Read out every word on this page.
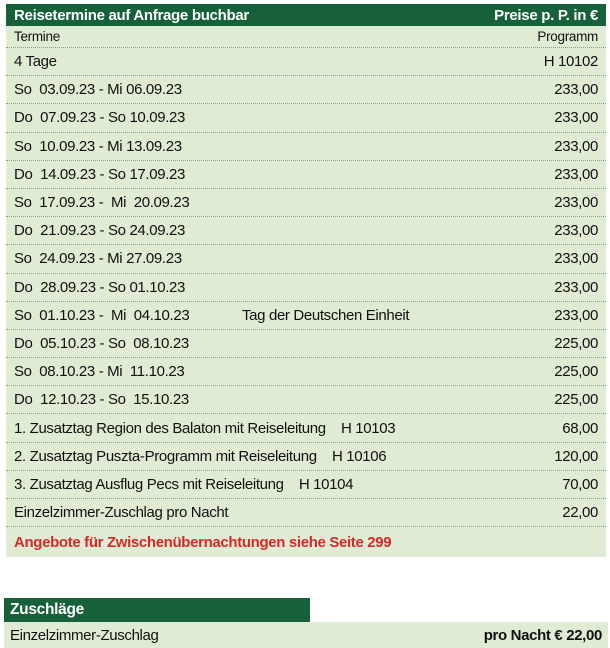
Reisetermine auf Anfrage buchbar	Preise p. P. in €
Termine	Programm
4 Tage	H 10102
So  03.09.23 - Mi 06.09.23	233,00
Do  07.09.23 - So 10.09.23	233,00
So  10.09.23 - Mi 13.09.23	233,00
Do  14.09.23 - So 17.09.23	233,00
So  17.09.23 -  Mi  20.09.23	233,00
Do  21.09.23 - So 24.09.23	233,00
So  24.09.23 - Mi 27.09.23	233,00
Do  28.09.23 - So 01.10.23	233,00
So  01.10.23 -  Mi  04.10.23	Tag der Deutschen Einheit	233,00
Do  05.10.23 - So  08.10.23	225,00
So  08.10.23 - Mi  11.10.23	225,00
Do  12.10.23 - So  15.10.23	225,00
1. Zusatztag Region des Balaton mit Reiseleitung    H 10103	68,00
2. Zusatztag Puszta-Programm mit Reiseleitung    H 10106	120,00
3. Zusatztag Ausflug Pecs mit Reiseleitung    H 10104	70,00
Einzelzimmer-Zuschlag pro Nacht	22,00
Angebote für Zwischenübernachtungen siehe Seite 299
Zuschläge
Einzelzimmer-Zuschlag	pro Nacht € 22,00
